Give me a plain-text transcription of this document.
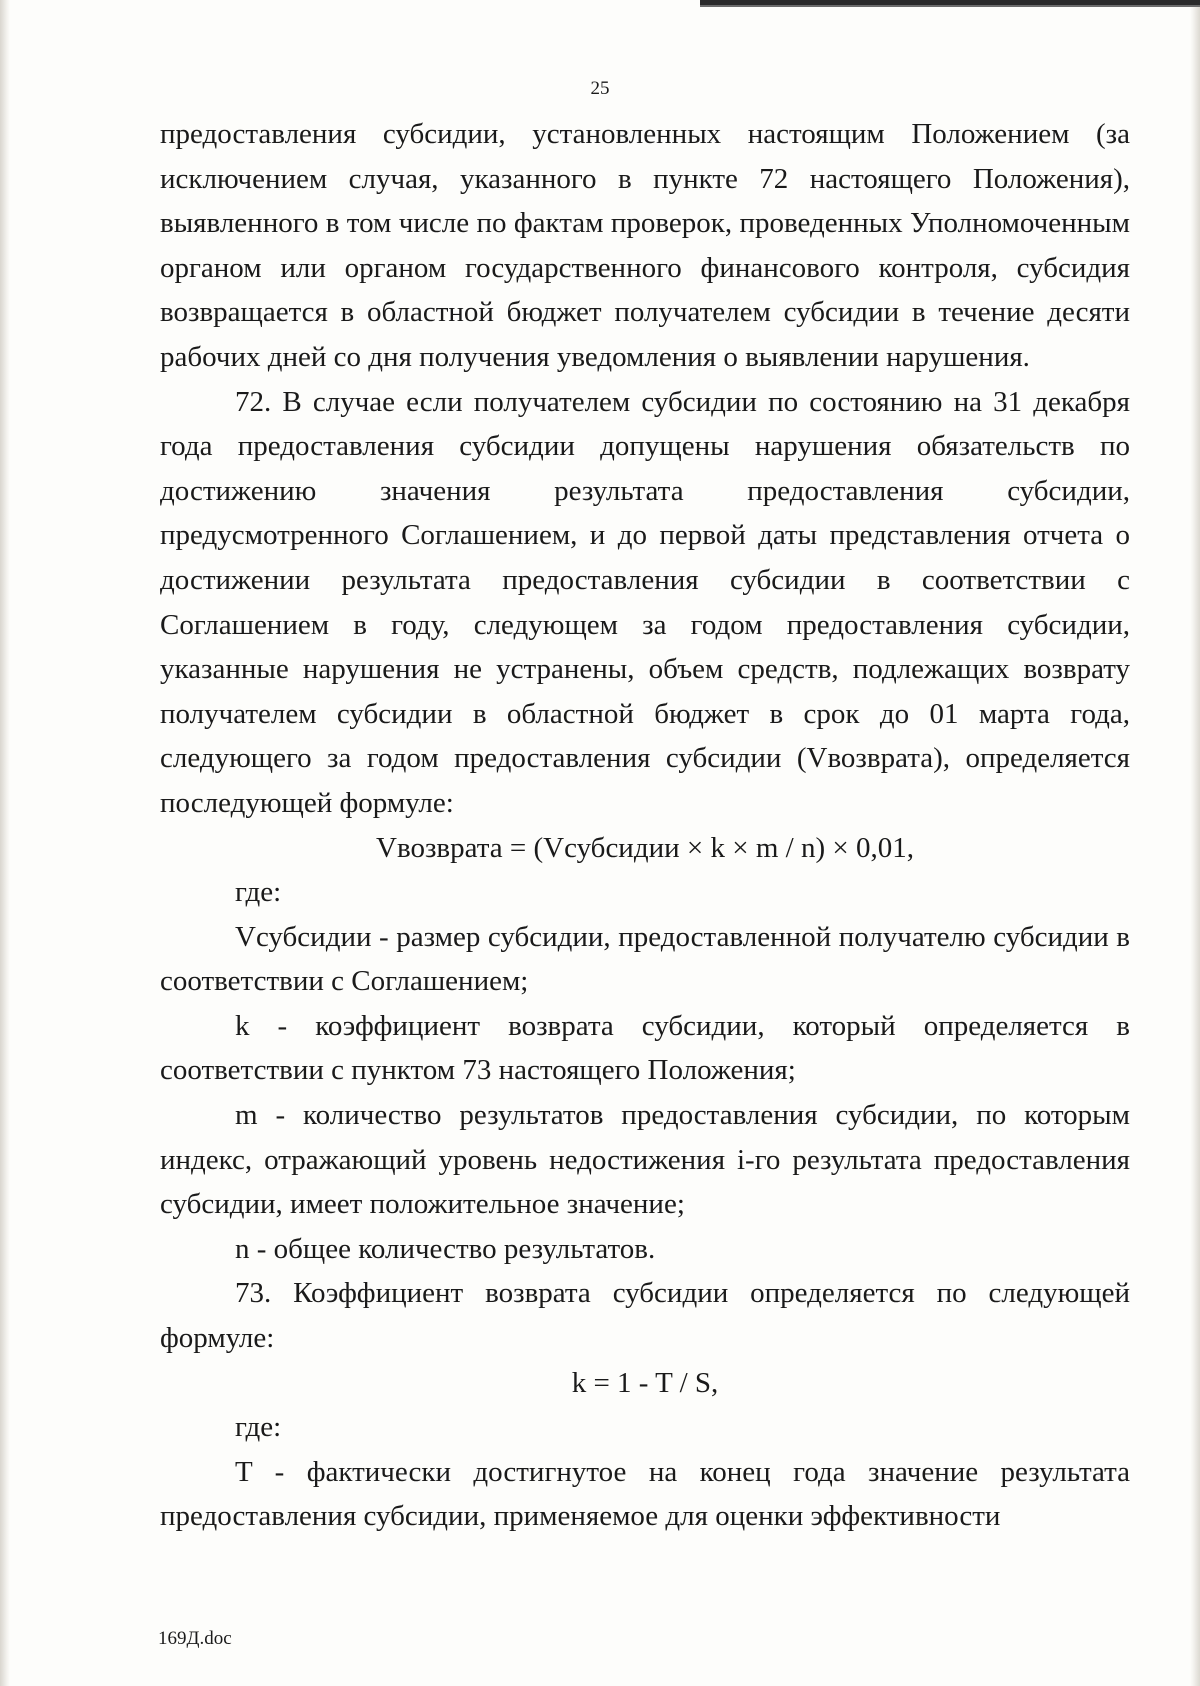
25

предоставления субсидии, установленных настоящим Положением (за исключением случая, указанного в пункте 72 настоящего Положения), выявленного в том числе по фактам проверок, проведенных Уполномоченным органом или органом государственного финансового контроля, субсидия возвращается в областной бюджет получателем субсидии в течение десяти рабочих дней со дня получения уведомления о выявлении нарушения.

72. В случае если получателем субсидии по состоянию на 31 декабря года предоставления субсидии допущены нарушения обязательств по достижению значения результата предоставления субсидии, предусмотренного Соглашением, и до первой даты представления отчета о достижении результата предоставления субсидии в соответствии с Соглашением в году, следующем за годом предоставления субсидии, указанные нарушения не устранены, объем средств, подлежащих возврату получателем субсидии в областной бюджет в срок до 01 марта года, следующего за годом предоставления субсидии (Vвозврата), определяется последующей формуле:

Vвозврата = (Vсубсидии × k × m / n) × 0,01,

где:

Vсубсидии - размер субсидии, предоставленной получателю субсидии в соответствии с Соглашением;

k - коэффициент возврата субсидии, который определяется в соответствии с пунктом 73 настоящего Положения;

m - количество результатов предоставления субсидии, по которым индекс, отражающий уровень недостижения i-го результата предоставления субсидии, имеет положительное значение;

n - общее количество результатов.

73. Коэффициент возврата субсидии определяется по следующей формуле:

k = 1 - T / S,

где:

T - фактически достигнутое на конец года значение результата предоставления субсидии, применяемое для оценки эффективности

169Д.doc
